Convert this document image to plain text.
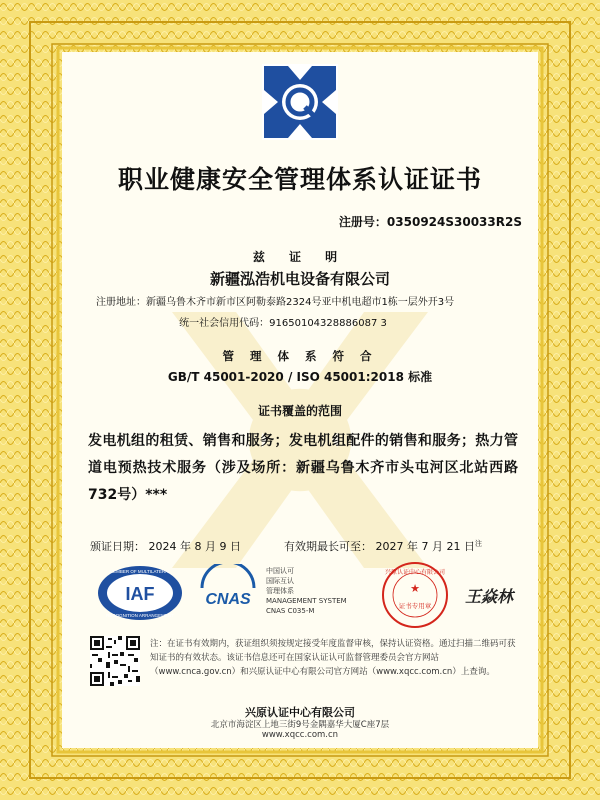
职业健康安全管理体系认证证书
注册号：0350924S30033R2S
兹 证 明
新疆泓浩机电设备有限公司
注册地址：新疆乌鲁木齐市新市区阿勒泰路2324号亚中机电超市1栋一层外开3号
统一社会信用代码：91650104328886087 3
管 理 体 系 符 合
GB/T 45001-2020 / ISO 45001:2018 标准
证书覆盖的范围
发电机组的租赁、销售和服务；发电机组配件的销售和服务；热力管道电预热技术服务（涉及场所：新疆乌鲁木齐市头屯河区北站西路732号）***
颁证日期： 2024 年 8 月 9 日	有效期最长可至： 2027 年 7 月 21 日$^注$
IAF
MEMBER OF MULTILATERAL
RECOGNITION ARRANGEMENT
CNAS
中国认可
国际互认
管理体系
MANAGEMENT SYSTEM
CNAS C035-M
兴原认证中心有限公司
★
证书专用章 王焱林
注：在证书有效期内，获证组织须按规定接受年度监督审核，保持认证资格。通过扫描二维码可获知证书的有效状态。该证书信息还可在国家认证认可监督管理委员会官方网站（www.cnca.gov.cn）和兴原认证中心有限公司官方网站（www.xqcc.com.cn）上查询。
兴原认证中心有限公司
北京市海淀区上地三街9号金隅嘉华大厦C座7层
www.xqcc.com.cn
